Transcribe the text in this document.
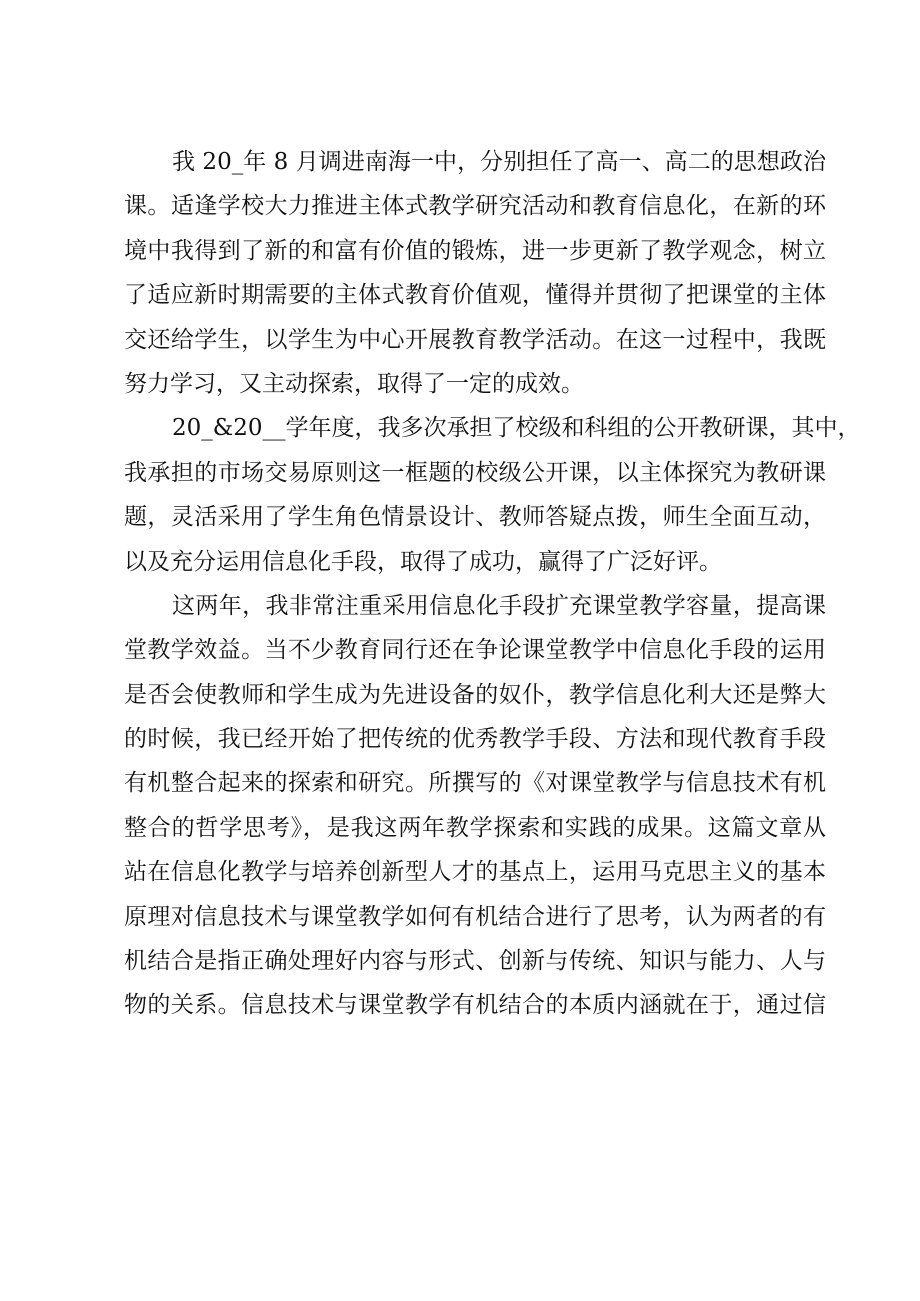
我 20_年 8 月调进南海一中，分别担任了高一、高二的思想政治
课。适逢学校大力推进主体式教学研究活动和教育信息化，在新的环
境中我得到了新的和富有价值的锻炼，进一步更新了教学观念，树立
了适应新时期需要的主体式教育价值观，懂得并贯彻了把课堂的主体
交还给学生，以学生为中心开展教育教学活动。在这一过程中，我既
努力学习，又主动探索，取得了一定的成效。
20_&20__学年度，我多次承担了校级和科组的公开教研课，其中，
我承担的市场交易原则这一框题的校级公开课，以主体探究为教研课
题，灵活采用了学生角色情景设计、教师答疑点拨，师生全面互动，
以及充分运用信息化手段，取得了成功，赢得了广泛好评。
这两年，我非常注重采用信息化手段扩充课堂教学容量，提高课
堂教学效益。当不少教育同行还在争论课堂教学中信息化手段的运用
是否会使教师和学生成为先进设备的奴仆，教学信息化利大还是弊大
的时候，我已经开始了把传统的优秀教学手段、方法和现代教育手段
有机整合起来的探索和研究。所撰写的《对课堂教学与信息技术有机
整合的哲学思考》，是我这两年教学探索和实践的成果。这篇文章从
站在信息化教学与培养创新型人才的基点上，运用马克思主义的基本
原理对信息技术与课堂教学如何有机结合进行了思考，认为两者的有
机结合是指正确处理好内容与形式、创新与传统、知识与能力、人与
物的关系。信息技术与课堂教学有机结合的本质内涵就在于，通过信
